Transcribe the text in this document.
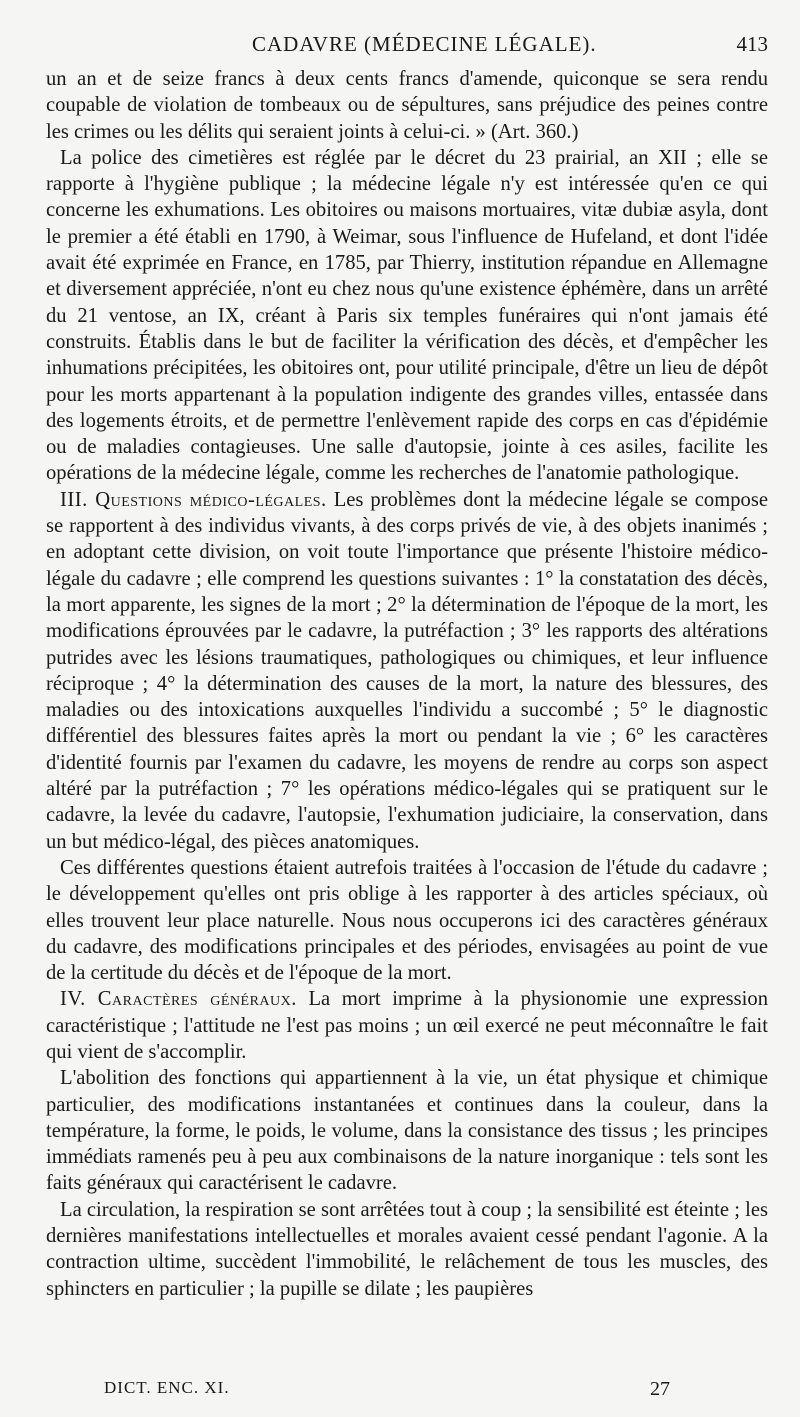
CADAVRE (MÉDECINE LÉGALE).	413

un an et de seize francs à deux cents francs d'amende, quiconque se sera rendu coupable de violation de tombeaux ou de sépultures, sans préjudice des peines contre les crimes ou les délits qui seraient joints à celui-ci. » (Art. 360.)

La police des cimetières est réglée par le décret du 23 prairial, an XII ; elle se rapporte à l'hygiène publique ; la médecine légale n'y est intéressée qu'en ce qui concerne les exhumations. Les obitoires ou maisons mortuaires, vitæ dubiæ asyla, dont le premier a été établi en 1790, à Weimar, sous l'influence de Hufeland, et dont l'idée avait été exprimée en France, en 1785, par Thierry, institution répandue en Allemagne et diversement appréciée, n'ont eu chez nous qu'une existence éphémère, dans un arrêté du 21 ventose, an IX, créant à Paris six temples funéraires qui n'ont jamais été construits. Établis dans le but de faciliter la vérification des décès, et d'empêcher les inhumations précipitées, les obitoires ont, pour utilité principale, d'être un lieu de dépôt pour les morts appartenant à la population indigente des grandes villes, entassée dans des logements étroits, et de permettre l'enlèvement rapide des corps en cas d'épidémie ou de maladies contagieuses. Une salle d'autopsie, jointe à ces asiles, facilite les opérations de la médecine légale, comme les recherches de l'anatomie pathologique.

III. Questions médico-légales. Les problèmes dont la médecine légale se compose se rapportent à des individus vivants, à des corps privés de vie, à des objets inanimés ; en adoptant cette division, on voit toute l'importance que présente l'histoire médico-légale du cadavre ; elle comprend les questions suivantes : 1° la constatation des décès, la mort apparente, les signes de la mort ; 2° la détermination de l'époque de la mort, les modifications éprouvées par le cadavre, la putréfaction ; 3° les rapports des altérations putrides avec les lésions traumatiques, pathologiques ou chimiques, et leur influence réciproque ; 4° la détermination des causes de la mort, la nature des blessures, des maladies ou des intoxications auxquelles l'individu a succombé ; 5° le diagnostic différentiel des blessures faites après la mort ou pendant la vie ; 6° les caractères d'identité fournis par l'examen du cadavre, les moyens de rendre au corps son aspect altéré par la putréfaction ; 7° les opérations médico-légales qui se pratiquent sur le cadavre, la levée du cadavre, l'autopsie, l'exhumation judiciaire, la conservation, dans un but médico-légal, des pièces anatomiques.

Ces différentes questions étaient autrefois traitées à l'occasion de l'étude du cadavre ; le développement qu'elles ont pris oblige à les rapporter à des articles spéciaux, où elles trouvent leur place naturelle. Nous nous occuperons ici des caractères généraux du cadavre, des modifications principales et des périodes, envisagées au point de vue de la certitude du décès et de l'époque de la mort.

IV. Caractères généraux. La mort imprime à la physionomie une expression caractéristique ; l'attitude ne l'est pas moins ; un œil exercé ne peut méconnaître le fait qui vient de s'accomplir.

L'abolition des fonctions qui appartiennent à la vie, un état physique et chimique particulier, des modifications instantanées et continues dans la couleur, dans la température, la forme, le poids, le volume, dans la consistance des tissus ; les principes immédiats ramenés peu à peu aux combinaisons de la nature inorganique : tels sont les faits généraux qui caractérisent le cadavre.

La circulation, la respiration se sont arrêtées tout à coup ; la sensibilité est éteinte ; les dernières manifestations intellectuelles et morales avaient cessé pendant l'agonie. A la contraction ultime, succèdent l'immobilité, le relâchement de tous les muscles, des sphincters en particulier ; la pupille se dilate ; les paupières

DICT. ENC. XI.	27
